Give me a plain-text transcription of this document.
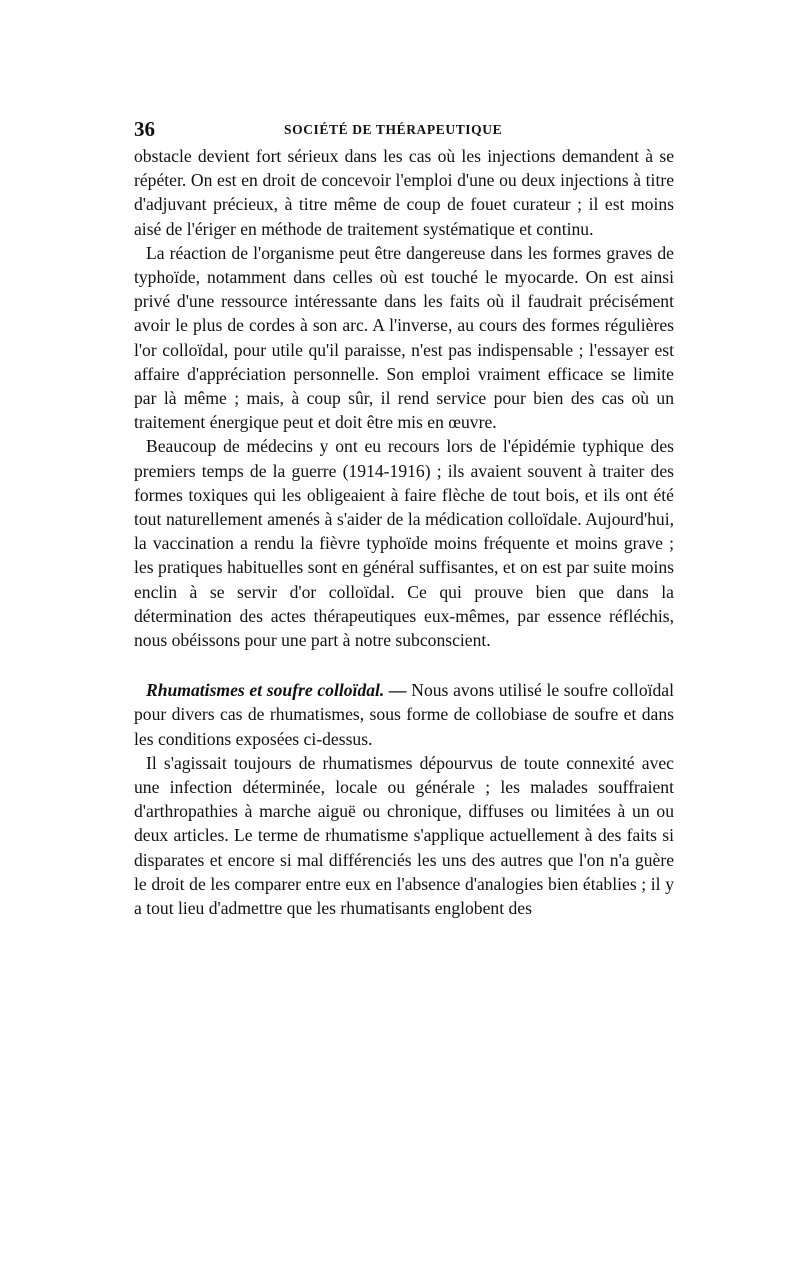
36	SOCIÉTÉ DE THÉRAPEUTIQUE

obstacle devient fort sérieux dans les cas où les injections demandent à se répéter. On est en droit de concevoir l'emploi d'une ou deux injections à titre d'adjuvant précieux, à titre même de coup de fouet curateur ; il est moins aisé de l'ériger en méthode de traitement systématique et continu.

La réaction de l'organisme peut être dangereuse dans les formes graves de typhoïde, notamment dans celles où est touché le myocarde. On est ainsi privé d'une ressource intéressante dans les faits où il faudrait précisément avoir le plus de cordes à son arc. A l'inverse, au cours des formes régulières l'or colloïdal, pour utile qu'il paraisse, n'est pas indispensable ; l'essayer est affaire d'appréciation personnelle. Son emploi vraiment efficace se limite par là même ; mais, à coup sûr, il rend service pour bien des cas où un traitement énergique peut et doit être mis en œuvre.

Beaucoup de médecins y ont eu recours lors de l'épidémie typhique des premiers temps de la guerre (1914-1916) ; ils avaient souvent à traiter des formes toxiques qui les obligeaient à faire flèche de tout bois, et ils ont été tout naturellement amenés à s'aider de la médication colloïdale. Aujourd'hui, la vaccination a rendu la fièvre typhoïde moins fréquente et moins grave ; les pratiques habituelles sont en général suffisantes, et on est par suite moins enclin à se servir d'or colloïdal. Ce qui prouve bien que dans la détermination des actes thérapeutiques eux-mêmes, par essence réfléchis, nous obéissons pour une part à notre subconscient.

Rhumatismes et soufre colloïdal. — Nous avons utilisé le soufre colloïdal pour divers cas de rhumatismes, sous forme de collobiase de soufre et dans les conditions exposées ci-dessus.

Il s'agissait toujours de rhumatismes dépourvus de toute connexité avec une infection déterminée, locale ou générale ; les malades souffraient d'arthropathies à marche aiguë ou chronique, diffuses ou limitées à un ou deux articles. Le terme de rhumatisme s'applique actuellement à des faits si disparates et encore si mal différenciés les uns des autres que l'on n'a guère le droit de les comparer entre eux en l'absence d'analogies bien établies ; il y a tout lieu d'admettre que les rhumatisants englobent des
